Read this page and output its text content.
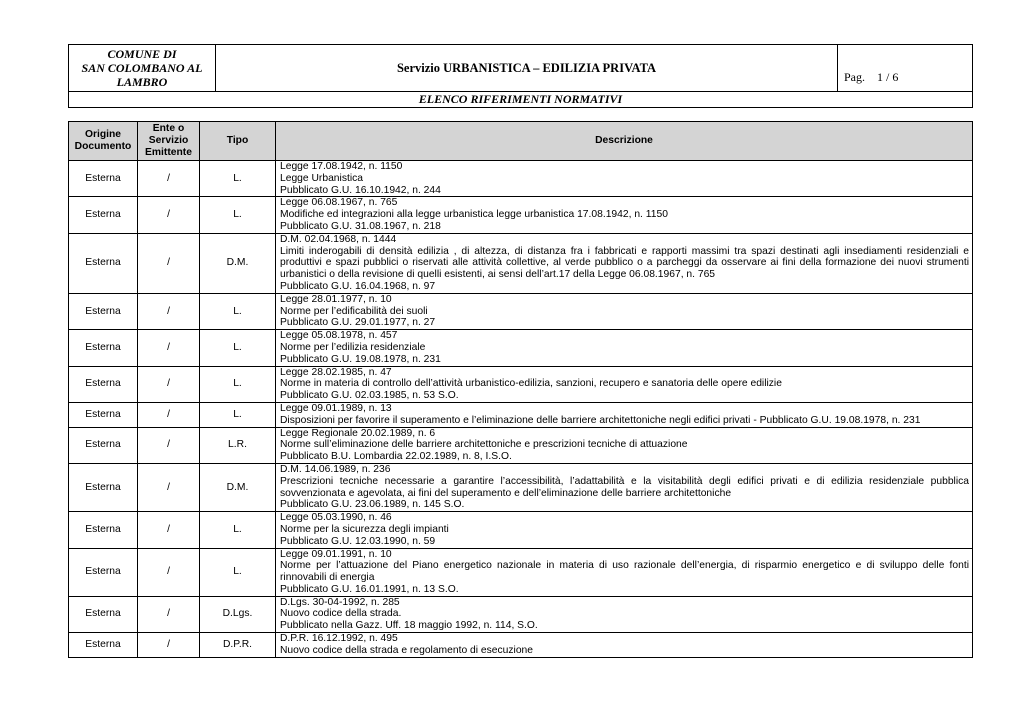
COMUNE DI
SAN COLOMBANO AL
LAMBRO
	Servizio URBANISTICA – EDILIZIA PRIVATA	Pag. 1 / 6
ELENCO RIFERIMENTI NORMATIVI
Origine Documento	Ente o Servizio Emittente	Tipo	Descrizione
Esterna	/	L.	Legge 17.08.1942, n. 1150
Legge Urbanistica
Pubblicato G.U. 16.10.1942, n. 244

Esterna	/	L.	Legge 06.08.1967, n. 765
Modifiche ed integrazioni alla legge urbanistica legge urbanistica 17.08.1942, n. 1150
Pubblicato G.U. 31.08.1967, n. 218

Esterna	/	D.M.	D.M. 02.04.1968, n. 1444
Limiti inderogabili di densità edilizia , di altezza, di distanza fra i fabbricati e rapporti massimi tra spazi destinati agli insediamenti residenziali e produttivi e spazi pubblici o riservati alle attività collettive, al verde pubblico o a parcheggi da osservare ai fini della formazione dei nuovi strumenti urbanistici o della revisione di quelli esistenti, ai sensi dell’art.17 della Legge 06.08.1967, n. 765
Pubblicato G.U. 16.04.1968, n. 97

Esterna	/	L.	Legge 28.01.1977, n. 10
Norme per l’edificabilità dei suoli
Pubblicato G.U. 29.01.1977, n. 27

Esterna	/	L.	Legge 05.08.1978, n. 457
Norme per l’edilizia residenziale
Pubblicato G.U. 19.08.1978, n. 231

Esterna	/	L.	Legge 28.02.1985, n. 47
Norme in materia di controllo dell’attività urbanistico-edilizia, sanzioni, recupero e sanatoria delle opere edilizie
Pubblicato G.U. 02.03.1985, n. 53 S.O.

Esterna	/	L.	Legge 09.01.1989, n. 13
Disposizioni per favorire il superamento e l’eliminazione delle barriere architettoniche negli edifici privati - Pubblicato G.U. 19.08.1978, n. 231

Esterna	/	L.R.	Legge Regionale 20.02.1989, n. 6
Norme sull’eliminazione delle barriere architettoniche e prescrizioni tecniche di attuazione
Pubblicato B.U. Lombardia 22.02.1989, n. 8, I.S.O.

Esterna	/	D.M.	D.M. 14.06.1989, n. 236
Prescrizioni tecniche necessarie a garantire l’accessibilità, l’adattabilità e la visitabilità degli edifici privati e di edilizia residenziale pubblica sovvenzionata e agevolata, ai fini del superamento e dell’eliminazione delle barriere architettoniche
Pubblicato G.U. 23.06.1989, n. 145 S.O.

Esterna	/	L.	Legge 05.03.1990, n. 46
Norme per la sicurezza degli impianti
Pubblicato G.U. 12.03.1990, n. 59

Esterna	/	L.	Legge 09.01.1991, n. 10
Norme per l’attuazione del Piano energetico nazionale in materia di uso razionale dell’energia, di risparmio energetico e di sviluppo delle fonti rinnovabili di energia
Pubblicato G.U. 16.01.1991, n. 13 S.O.

Esterna	/	D.Lgs.	D.Lgs. 30-04-1992, n. 285
Nuovo codice della strada.
Pubblicato nella Gazz. Uff. 18 maggio 1992, n. 114, S.O.

Esterna	/	D.P.R.	D.P.R. 16.12.1992, n. 495
Nuovo codice della strada e regolamento di esecuzione
